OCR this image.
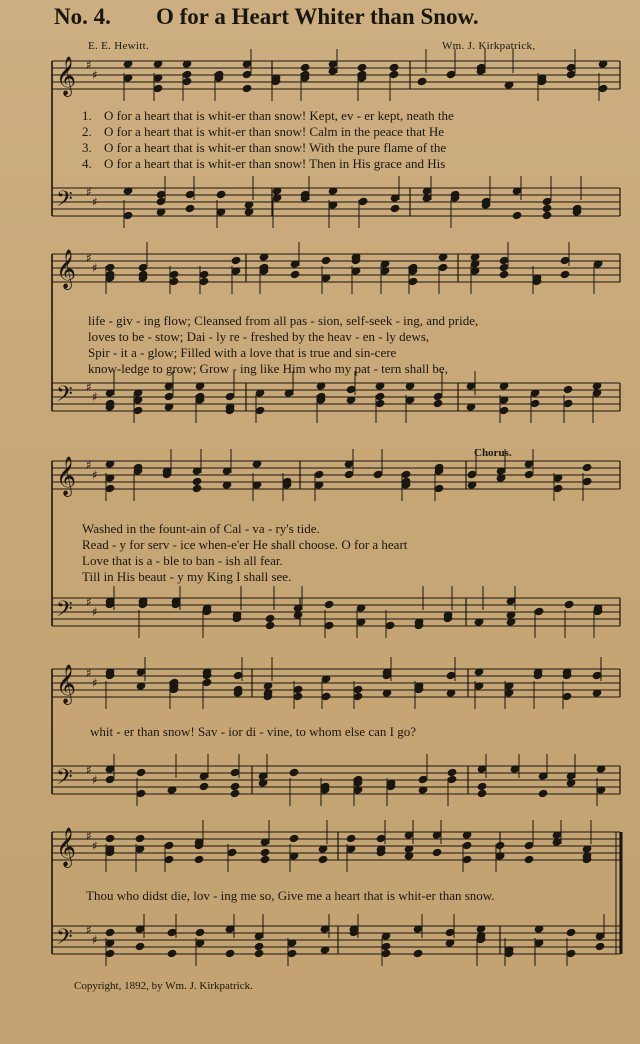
No. 4. O for a Heart Whiter than Snow.
E. E. Hewitt.	Wm. J. Kirkpatrick,
𝄞 ♯
♯
𝄢 ♯
♯
𝄞 ♯
♯
𝄢 ♯
♯
𝄞 ♯
♯
𝄢 ♯
♯
𝄞 ♯
♯
𝄢 ♯
♯
𝄞 ♯
♯
𝄢 ♯
♯
1. O for a heart that is whit-er than snow! Kept, ev - er kept, neath the
2. O for a heart that is whit-er than snow! Calm in the peace that He
3. O for a heart that is whit-er than snow! With the pure flame of the
4. O for a heart that is whit-er than snow! Then in His grace and His
life - giv - ing flow; Cleansed from all pas - sion, self-seek - ing, and pride,
loves to be - stow; Dai - ly re - freshed by the heav - en - ly dews,
Spir - it a - glow; Filled with a love that is true and sin-cere
know-ledge to grow; Grow - ing like Him who my pat - tern shall be,
Chorus.
Washed in the fount-ain of Cal - va - ry's tide.
Read - y for serv - ice when-e'er He shall choose. O for a heart
Love that is a - ble to ban - ish all fear.
Till in His beaut - y my King I shall see.
whit - er than snow! Sav - ior di - vine, to whom else can I go?
Thou who didst die, lov - ing me so, Give me a heart that is whit-er than snow.
Copyright, 1892, by Wm. J. Kirkpatrick.
